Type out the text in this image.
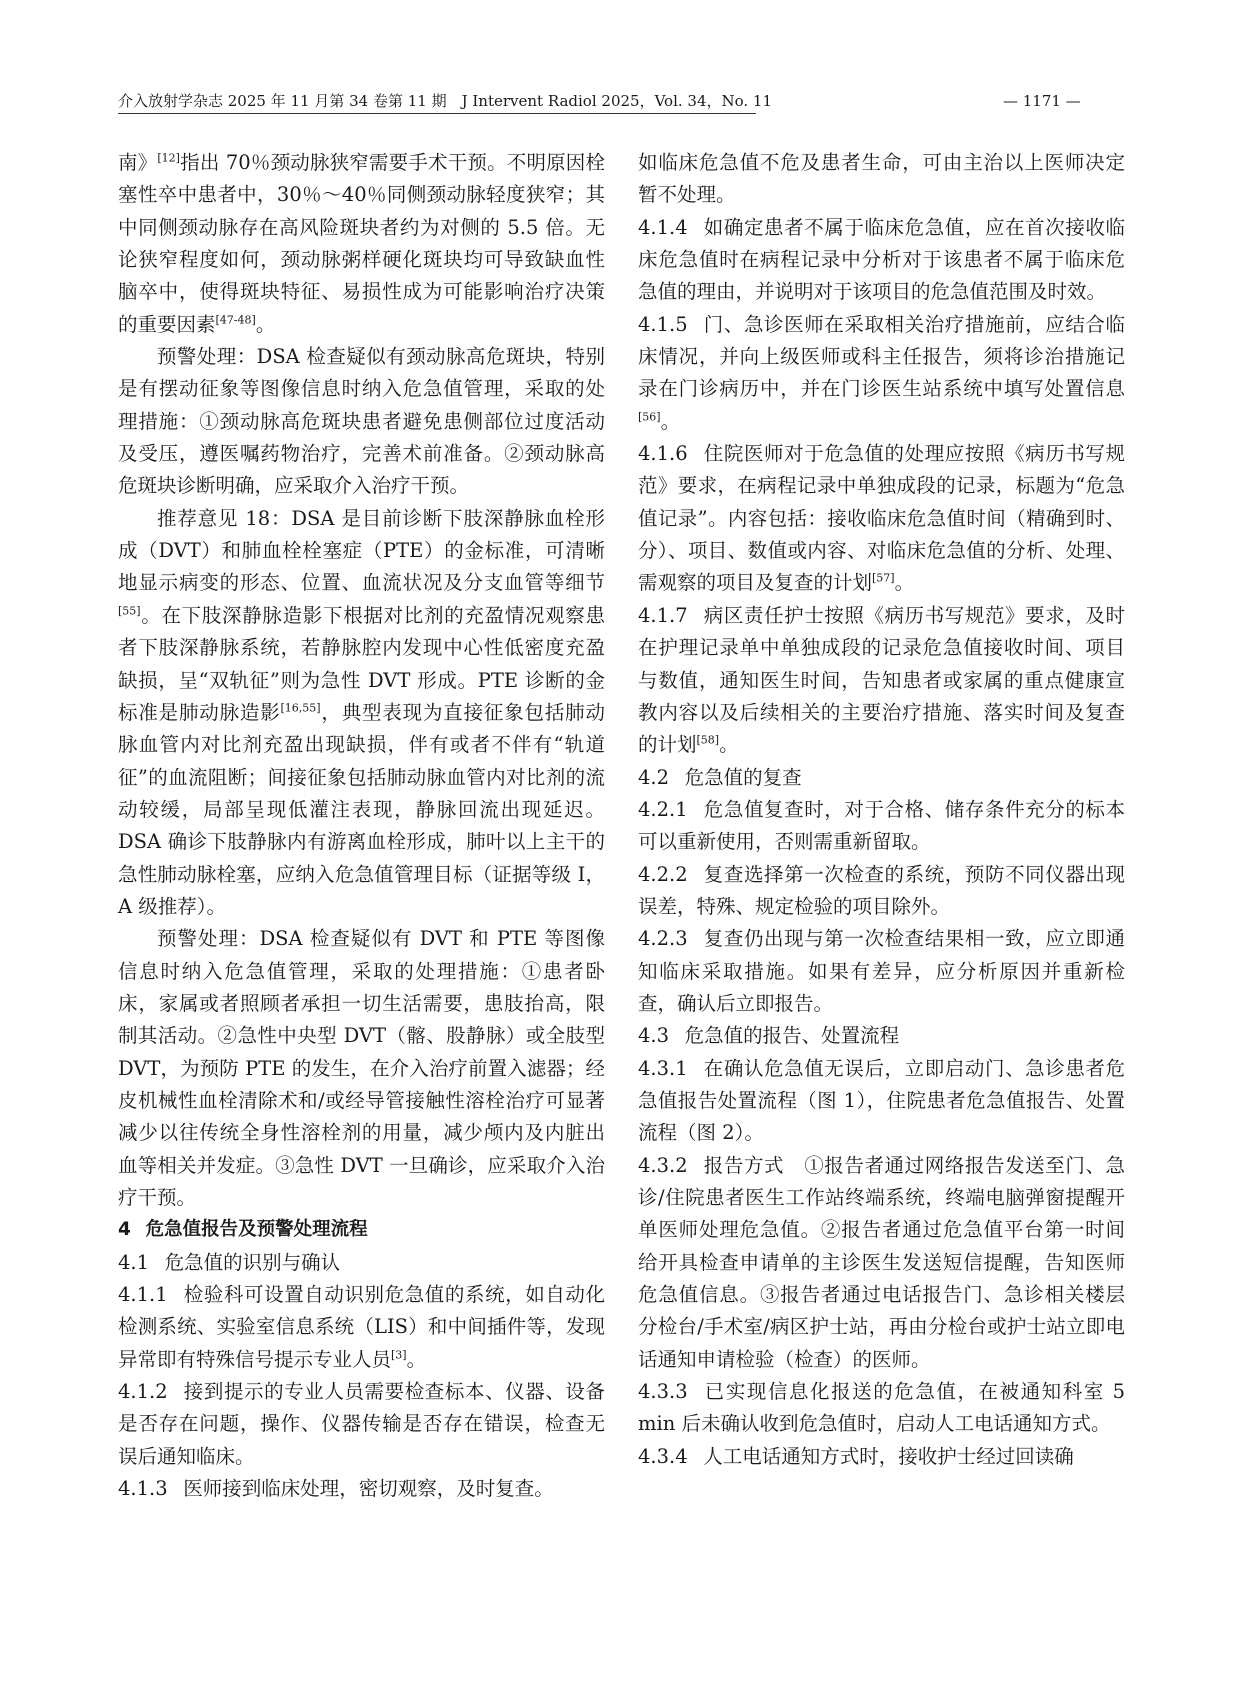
介入放射学杂志 2025 年 11 月第 34 卷第 11 期　J Intervent Radiol 2025，Vol. 34，No. 11	— 1171 —

南》[12]指出 70％颈动脉狭窄需要手术干预。不明原因栓塞性卒中患者中，30％～40％同侧颈动脉轻度狭窄；其中同侧颈动脉存在高风险斑块者约为对侧的 5.5 倍。无论狭窄程度如何，颈动脉粥样硬化斑块均可导致缺血性脑卒中，使得斑块特征、易损性成为可能影响治疗决策的重要因素[47-48]。

预警处理：DSA 检查疑似有颈动脉高危斑块，特别是有摆动征象等图像信息时纳入危急值管理，采取的处理措施：①颈动脉高危斑块患者避免患侧部位过度活动及受压，遵医嘱药物治疗，完善术前准备。②颈动脉高危斑块诊断明确，应采取介入治疗干预。

推荐意见 18：DSA 是目前诊断下肢深静脉血栓形成（DVT）和肺血栓栓塞症（PTE）的金标准，可清晰地显示病变的形态、位置、血流状况及分支血管等细节[55]。在下肢深静脉造影下根据对比剂的充盈情况观察患者下肢深静脉系统，若静脉腔内发现中心性低密度充盈缺损，呈“双轨征”则为急性 DVT 形成。PTE 诊断的金标准是肺动脉造影[16,55]，典型表现为直接征象包括肺动脉血管内对比剂充盈出现缺损，伴有或者不伴有“轨道征”的血流阻断；间接征象包括肺动脉血管内对比剂的流动较缓，局部呈现低灌注表现，静脉回流出现延迟。DSA 确诊下肢静脉内有游离血栓形成，肺叶以上主干的急性肺动脉栓塞，应纳入危急值管理目标（证据等级 Ⅰ，A 级推荐）。

预警处理：DSA 检查疑似有 DVT 和 PTE 等图像信息时纳入危急值管理，采取的处理措施：①患者卧床，家属或者照顾者承担一切生活需要，患肢抬高，限制其活动。②急性中央型 DVT（髂、股静脉）或全肢型 DVT，为预防 PTE 的发生，在介入治疗前置入滤器；经皮机械性血栓清除术和/或经导管接触性溶栓治疗可显著减少以往传统全身性溶栓剂的用量，减少颅内及内脏出血等相关并发症。③急性 DVT 一旦确诊，应采取介入治疗干预。

4 危急值报告及预警处理流程

4.1 危急值的识别与确认

4.1.1 检验科可设置自动识别危急值的系统，如自动化检测系统、实验室信息系统（LIS）和中间插件等，发现异常即有特殊信号提示专业人员[3]。

4.1.2 接到提示的专业人员需要检查标本、仪器、设备是否存在问题，操作、仪器传输是否存在错误，检查无误后通知临床。

4.1.3 医师接到临床处理，密切观察，及时复查。

如临床危急值不危及患者生命，可由主治以上医师决定暂不处理。

4.1.4 如确定患者不属于临床危急值，应在首次接收临床危急值时在病程记录中分析对于该患者不属于临床危急值的理由，并说明对于该项目的危急值范围及时效。

4.1.5 门、急诊医师在采取相关治疗措施前，应结合临床情况，并向上级医师或科主任报告，须将诊治措施记录在门诊病历中，并在门诊医生站系统中填写处置信息[56]。

4.1.6 住院医师对于危急值的处理应按照《病历书写规范》要求，在病程记录中单独成段的记录，标题为“危急值记录”。内容包括：接收临床危急值时间（精确到时、分）、项目、数值或内容、对临床危急值的分析、处理、需观察的项目及复查的计划[57]。

4.1.7 病区责任护士按照《病历书写规范》要求，及时在护理记录单中单独成段的记录危急值接收时间、项目与数值，通知医生时间，告知患者或家属的重点健康宣教内容以及后续相关的主要治疗措施、落实时间及复查的计划[58]。

4.2 危急值的复查

4.2.1 危急值复查时，对于合格、储存条件充分的标本可以重新使用，否则需重新留取。

4.2.2 复查选择第一次检查的系统，预防不同仪器出现误差，特殊、规定检验的项目除外。

4.2.3 复查仍出现与第一次检查结果相一致，应立即通知临床采取措施。如果有差异，应分析原因并重新检查，确认后立即报告。

4.3 危急值的报告、处置流程

4.3.1 在确认危急值无误后，立即启动门、急诊患者危急值报告处置流程（图 1），住院患者危急值报告、处置流程（图 2）。

4.3.2 报告方式　①报告者通过网络报告发送至门、急诊/住院患者医生工作站终端系统，终端电脑弹窗提醒开单医师处理危急值。②报告者通过危急值平台第一时间给开具检查申请单的主诊医生发送短信提醒，告知医师危急值信息。③报告者通过电话报告门、急诊相关楼层分检台/手术室/病区护士站，再由分检台或护士站立即电话通知申请检验（检查）的医师。

4.3.3 已实现信息化报送的危急值，在被通知科室 5 min 后未确认收到危急值时，启动人工电话通知方式。

4.3.4 人工电话通知方式时，接收护士经过回读确
